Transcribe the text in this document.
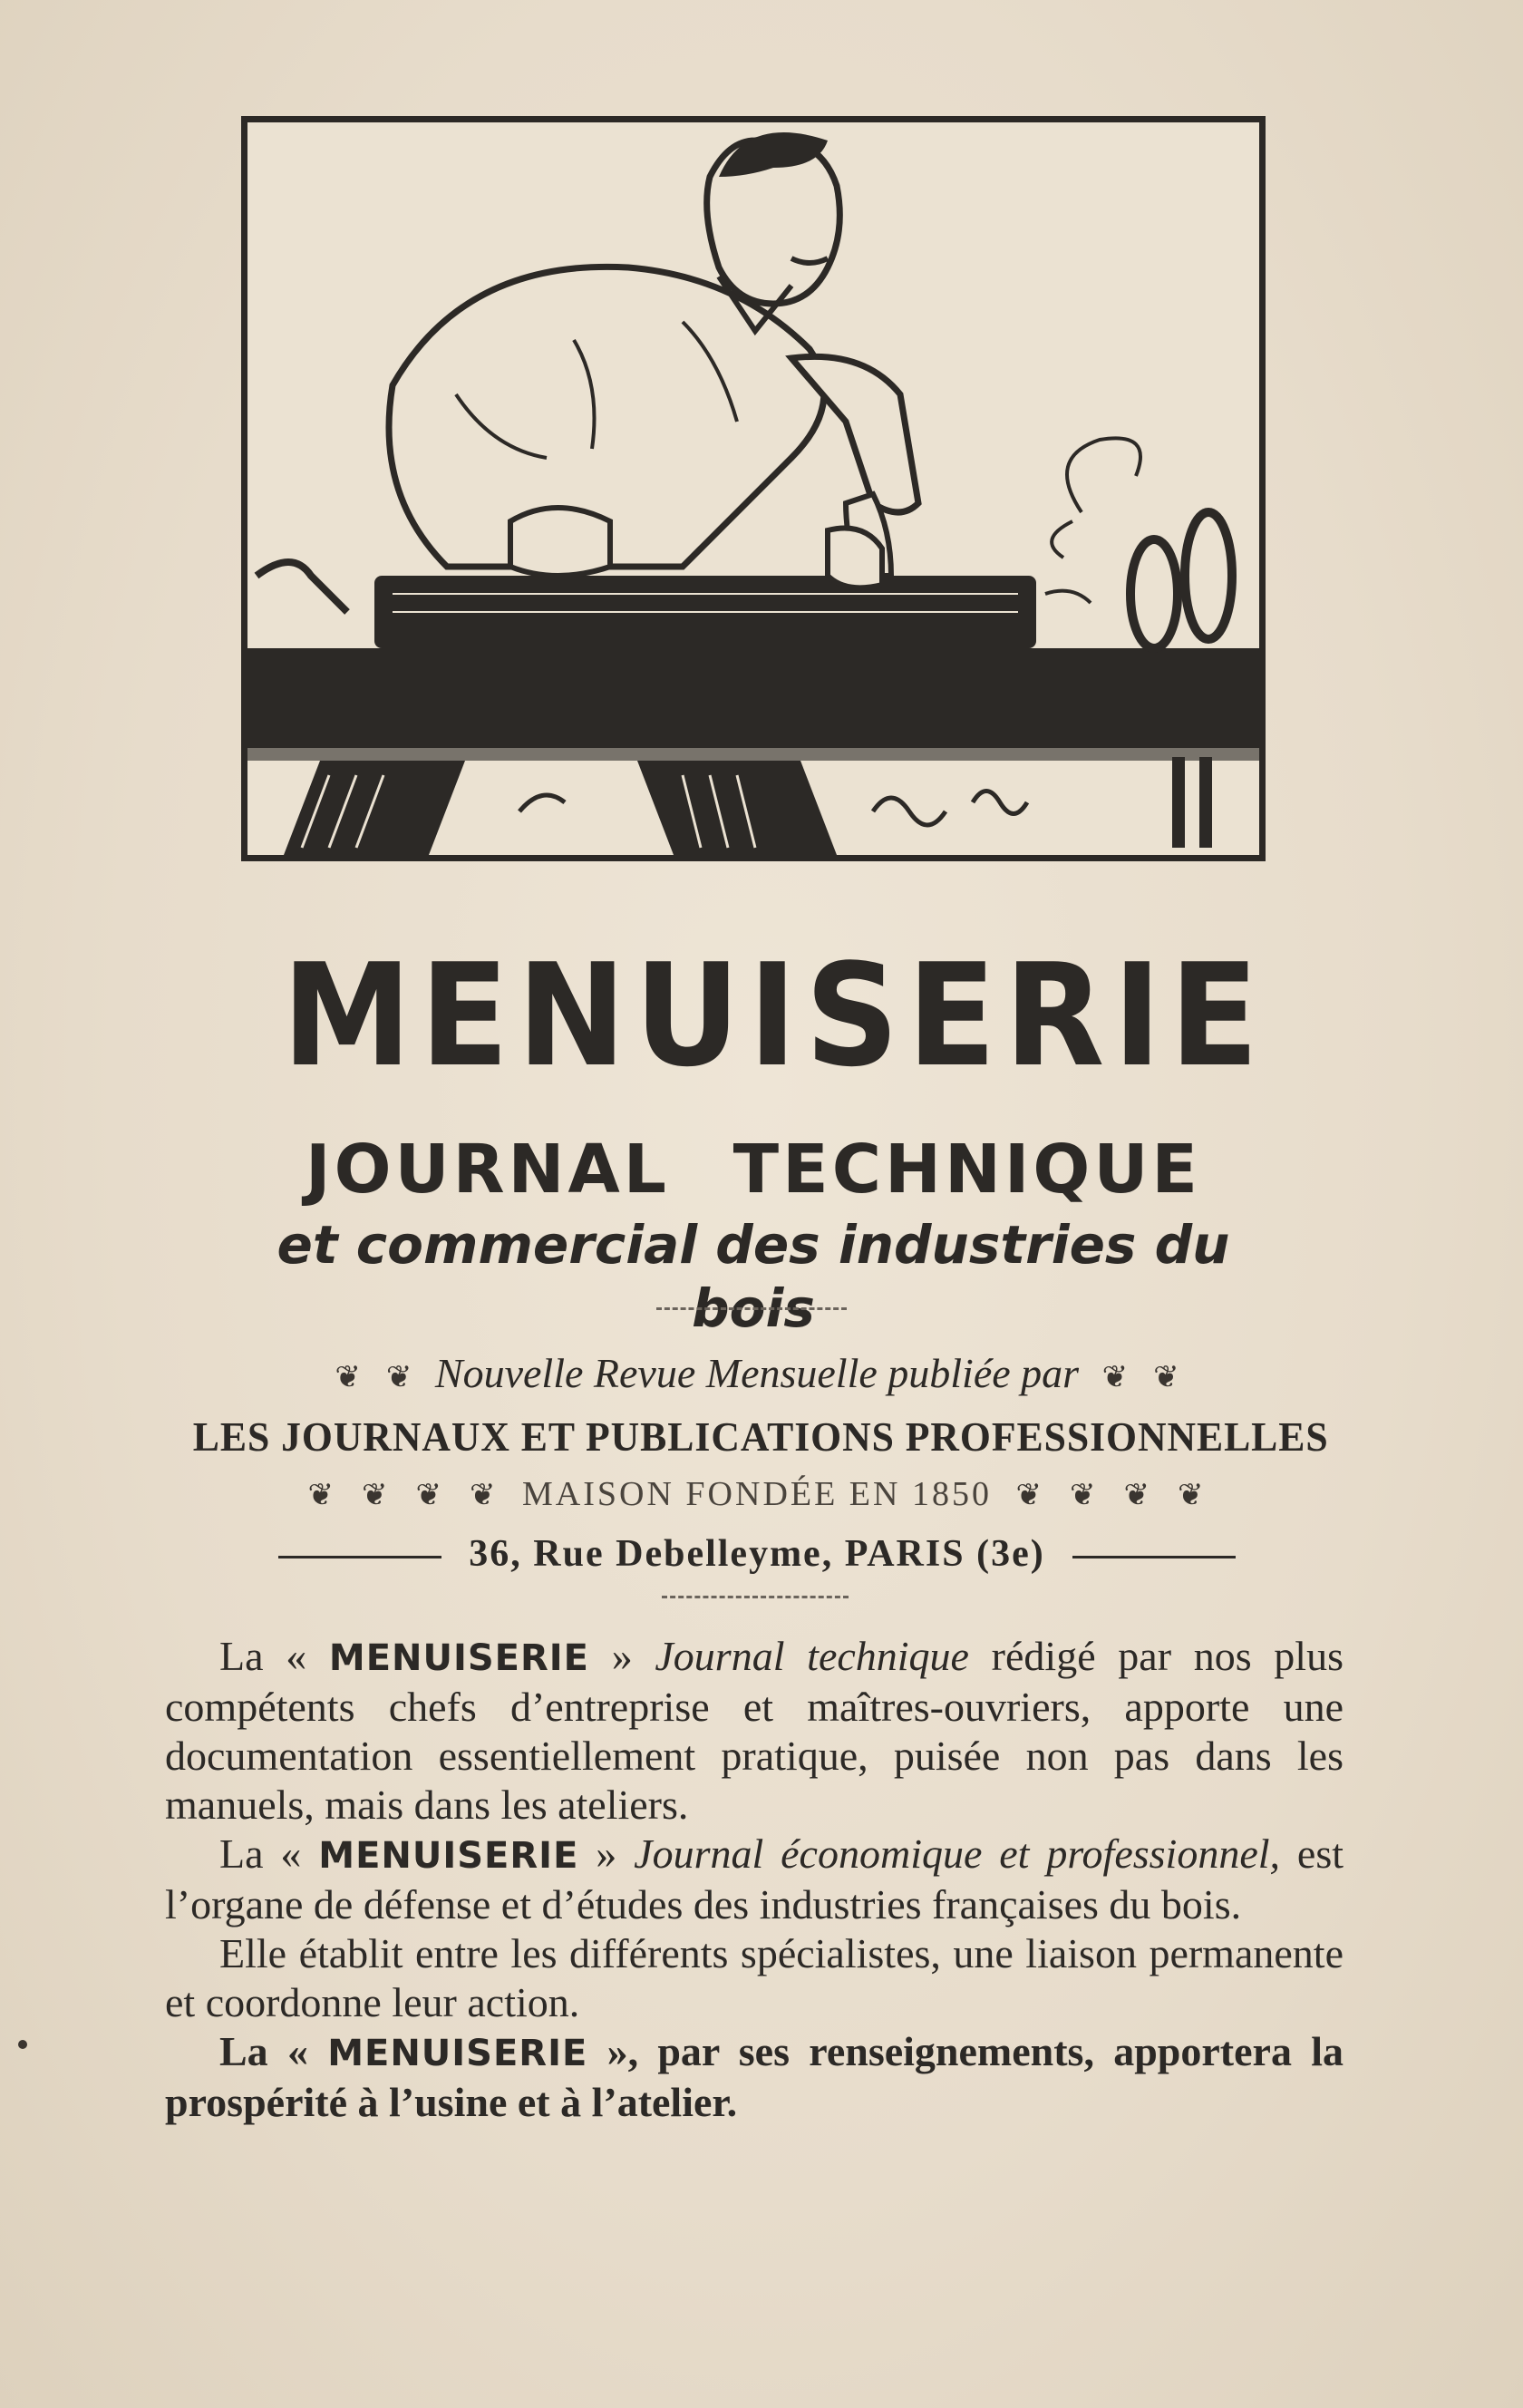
MENUISERIE
JOURNAL TECHNIQUE
et commercial des industries du bois
❦ ❦ Nouvelle Revue Mensuelle publiée par ❦ ❦
LES JOURNAUX ET PUBLICATIONS PROFESSIONNELLES
❦ ❦ ❦ ❦ MAISON FONDÉE EN 1850 ❦ ❦ ❦ ❦
36, Rue Debelleyme, PARIS (3e)

La « MENUISERIE » Journal technique rédigé par nos plus compétents chefs d’entreprise et maîtres-ouvriers, apporte une documentation essentiellement pratique, puisée non pas dans les manuels, mais dans les ateliers.

La « MENUISERIE » Journal économique et professionnel, est l’organe de défense et d’études des industries françaises du bois.

Elle établit entre les différents spécialistes, une liaison permanente et coordonne leur action.

La « MENUISERIE », par ses renseignements, apportera la prospérité à l’usine et à l’atelier.
